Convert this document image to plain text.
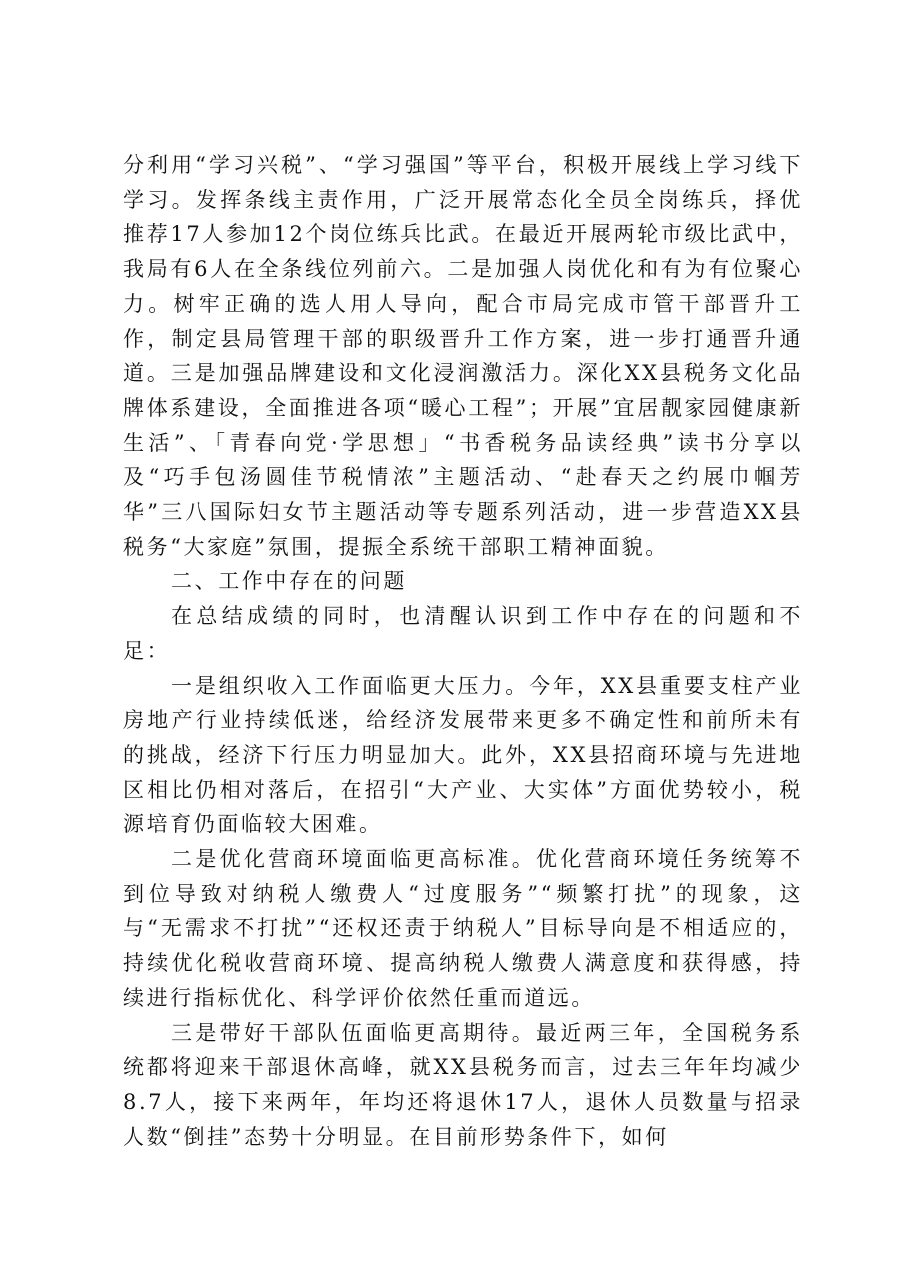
分利用“学习兴税”、“学习强国”等平台，积极开展线上学习线下学习。发挥条线主责作用，广泛开展常态化全员全岗练兵，择优推荐17人参加12个岗位练兵比武。在最近开展两轮市级比武中，我局有6人在全条线位列前六。二是加强人岗优化和有为有位聚心力。树牢正确的选人用人导向，配合市局完成市管干部晋升工作，制定县局管理干部的职级晋升工作方案，进一步打通晋升通道。三是加强品牌建设和文化浸润激活力。深化XX县税务文化品牌体系建设，全面推进各项“暖心工程”；开展”宜居靓家园健康新生活”、「青春向党·学思想」“书香税务品读经典”读书分享以及“巧手包汤圆佳节税情浓”主题活动、“赴春天之约展巾帼芳华”三八国际妇女节主题活动等专题系列活动，进一步营造XX县税务“大家庭”氛围，提振全系统干部职工精神面貌。

二、工作中存在的问题

在总结成绩的同时，也清醒认识到工作中存在的问题和不足：

一是组织收入工作面临更大压力。今年，XX县重要支柱产业房地产行业持续低迷，给经济发展带来更多不确定性和前所未有的挑战，经济下行压力明显加大。此外，XX县招商环境与先进地区相比仍相对落后，在招引“大产业、大实体”方面优势较小，税源培育仍面临较大困难。

二是优化营商环境面临更高标准。优化营商环境任务统筹不到位导致对纳税人缴费人“过度服务”“频繁打扰”的现象，这与“无需求不打扰”“还权还责于纳税人”目标导向是不相适应的，持续优化税收营商环境、提高纳税人缴费人满意度和获得感，持续进行指标优化、科学评价依然任重而道远。

三是带好干部队伍面临更高期待。最近两三年，全国税务系统都将迎来干部退休高峰，就XX县税务而言，过去三年年均减少8.7人，接下来两年，年均还将退休17人，退休人员数量与招录人数“倒挂”态势十分明显。在目前形势条件下，如何
